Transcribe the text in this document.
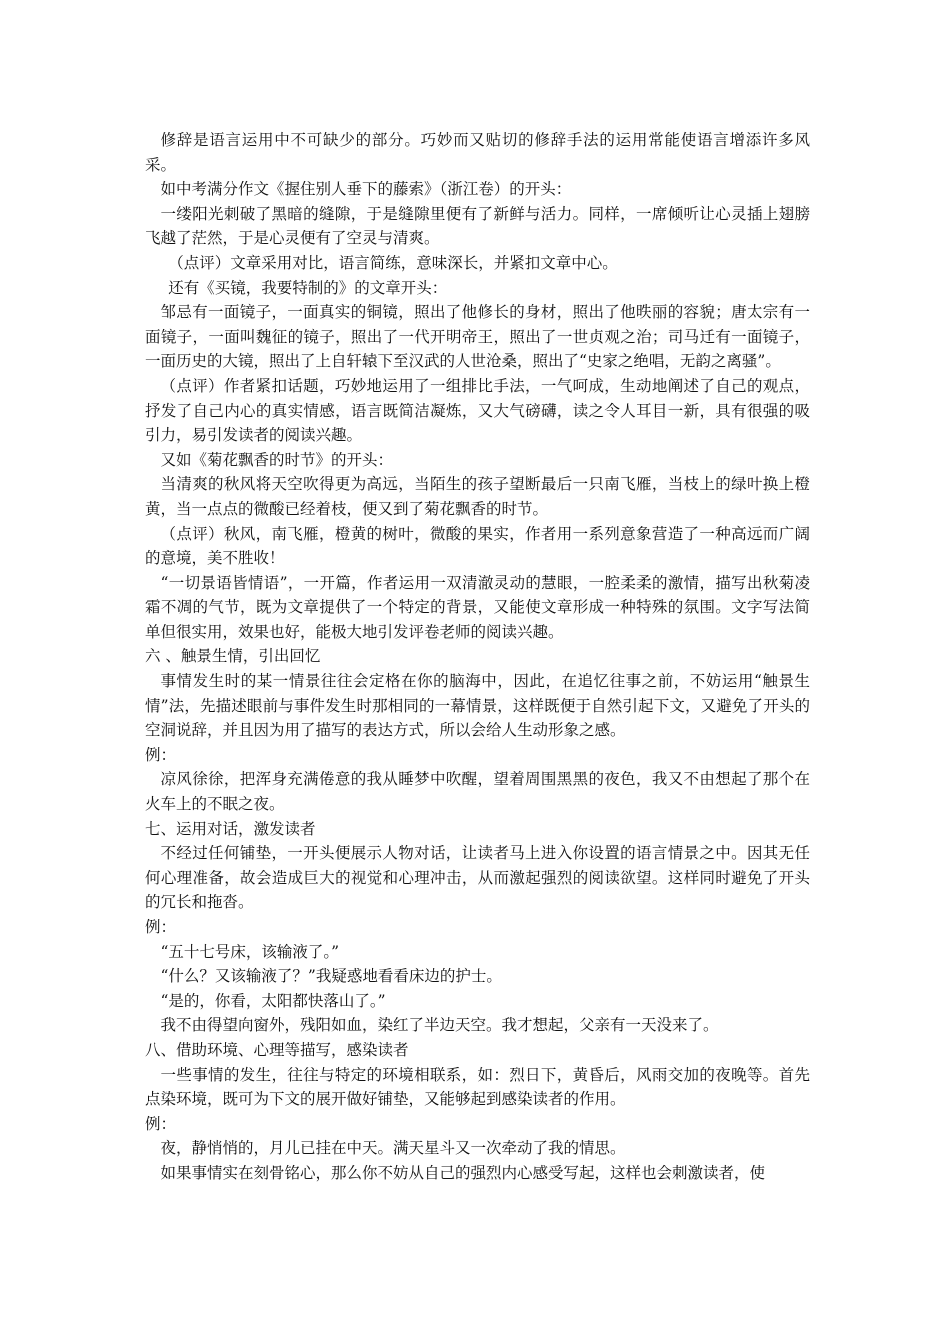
修辞是语言运用中不可缺少的部分。巧妙而又贴切的修辞手法的运用常能使语言增添许多风采。

如中考满分作文《握住别人垂下的藤索》（浙江卷）的开头：

一缕阳光刺破了黑暗的缝隙，于是缝隙里便有了新鲜与活力。同样，一席倾听让心灵插上翅膀飞越了茫然，于是心灵便有了空灵与清爽。

（点评）文章采用对比，语言简练，意味深长，并紧扣文章中心。

还有《买镜，我要特制的》的文章开头：

邹忌有一面镜子，一面真实的铜镜，照出了他修长的身材，照出了他昳丽的容貌；唐太宗有一面镜子，一面叫魏征的镜子，照出了一代开明帝王，照出了一世贞观之治；司马迁有一面镜子，一面历史的大镜，照出了上自轩辕下至汉武的人世沧桑，照出了“史家之绝唱，无韵之离骚”。

（点评）作者紧扣话题，巧妙地运用了一组排比手法，一气呵成，生动地阐述了自己的观点，抒发了自己内心的真实情感，语言既简洁凝炼，又大气磅礴，读之令人耳目一新，具有很强的吸引力，易引发读者的阅读兴趣。

又如《菊花飘香的时节》的开头：

当清爽的秋风将天空吹得更为高远，当陌生的孩子望断最后一只南飞雁，当枝上的绿叶换上橙黄，当一点点的微酸已经着枝，便又到了菊花飘香的时节。

（点评）秋风，南飞雁，橙黄的树叶，微酸的果实，作者用一系列意象营造了一种高远而广阔的意境，美不胜收！

“一切景语皆情语”，一开篇，作者运用一双清澈灵动的慧眼，一腔柔柔的激情，描写出秋菊凌霜不凋的气节，既为文章提供了一个特定的背景，又能使文章形成一种特殊的氛围。文字写法简单但很实用，效果也好，能极大地引发评卷老师的阅读兴趣。

六 、触景生情，引出回忆

事情发生时的某一情景往往会定格在你的脑海中，因此，在追忆往事之前，不妨运用“触景生情”法，先描述眼前与事件发生时那相同的一幕情景，这样既便于自然引起下文，又避免了开头的空洞说辞，并且因为用了描写的表达方式，所以会给人生动形象之感。

例：

凉风徐徐，把浑身充满倦意的我从睡梦中吹醒，望着周围黑黑的夜色，我又不由想起了那个在火车上的不眠之夜。

七、运用对话，激发读者

不经过任何铺垫，一开头便展示人物对话，让读者马上进入你设置的语言情景之中。因其无任何心理准备，故会造成巨大的视觉和心理冲击，从而激起强烈的阅读欲望。这样同时避免了开头的冗长和拖沓。

例：

“五十七号床，该输液了。”

“什么？又该输液了？”我疑惑地看看床边的护士。

“是的，你看，太阳都快落山了。”

我不由得望向窗外，残阳如血，染红了半边天空。我才想起，父亲有一天没来了。

八、借助环境、心理等描写，感染读者

一些事情的发生，往往与特定的环境相联系，如：烈日下，黄昏后，风雨交加的夜晚等。首先点染环境，既可为下文的展开做好铺垫，又能够起到感染读者的作用。

例：

夜，静悄悄的，月儿已挂在中天。满天星斗又一次牵动了我的情思。

如果事情实在刻骨铭心，那么你不妨从自己的强烈内心感受写起，这样也会刺激读者，使
